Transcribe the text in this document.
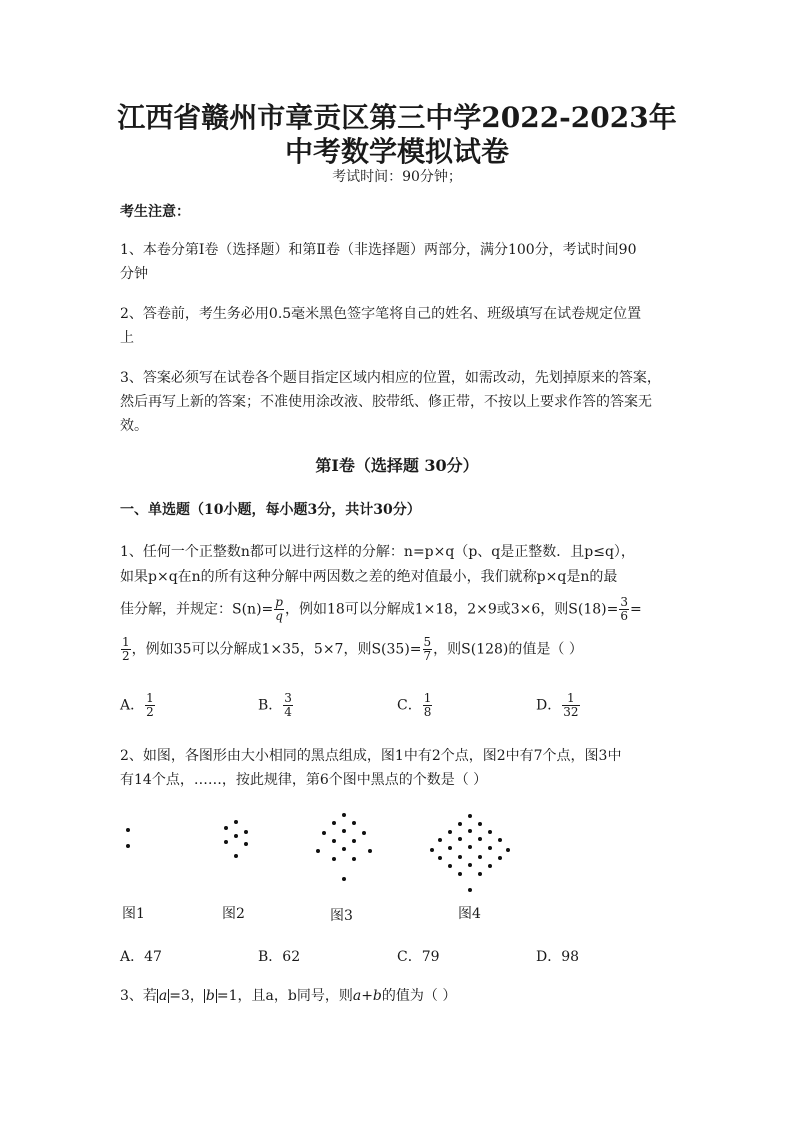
江西省赣州市章贡区第三中学2022-2023年
中考数学模拟试卷
考试时间：90分钟；
考生注意：
1、本卷分第I卷（选择题）和第Ⅱ卷（非选择题）两部分，满分100分，考试时间90
分钟
2、答卷前，考生务必用0.5毫米黑色签字笔将自己的姓名、班级填写在试卷规定位置
上
3、答案必须写在试卷各个题目指定区域内相应的位置，如需改动，先划掉原来的答案，
然后再写上新的答案；不准使用涂改液、胶带纸、修正带，不按以上要求作答的答案无
效。
第I卷（选择题 30分）
一、单选题（10小题，每小题3分，共计30分）
1、任何一个正整数n都可以进行这样的分解：n=p×q（p、q是正整数．且p≤q），
如果p×q在n的所有这种分解中两因数之差的绝对值最小，我们就称p×q是n的最
佳分解，并规定：$S(n)= \frac{p}{q}$ ，例如18可以分解成1×18，2×9或3×6，则$S(18)= \frac{3}{6}$ =
$\frac{1}{2}$ ，例如35可以分解成1×35，5×7，则$S(35)= \frac{5}{7}$ ，则S(128)的值是（ ）
A． $\frac{1}{2}$	B． $\frac{3}{4}$	C． $\frac{1}{8}$	D． $\frac{1}{32}$
2、如图，各图形由大小相同的黑点组成，图1中有2个点，图2中有7个点，图3中
有14个点，……，按此规律，第6个图中黑点的个数是（ ）
图1	图2	图3	图4
A．47	B．62	C．79	D．98
3、若 a =3， b =1，且a，b同号，则a+b的值为（ ）
